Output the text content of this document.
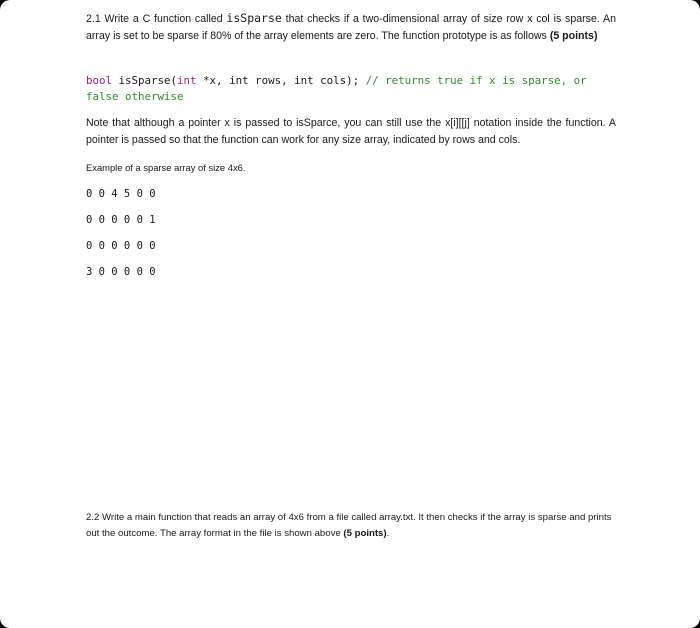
2.1 Write a C function called isSparse that checks if a two-dimensional array of size row x col is sparse. An array is set to be sparse if 80% of the array elements are zero. The function prototype is as follows (5 points)
bool isSparse(int *x, int rows, int cols); // returns true if x is sparse, or false otherwise
Note that although a pointer x is passed to isSparce, you can still use the x[i][[j] notation inside the function. A pointer is passed so that the function can work for any size array, indicated by rows and cols.
Example of a sparse array of size 4x6.
0 0 4 5 0 0
0 0 0 0 0 1
0 0 0 0 0 0
3 0 0 0 0 0
2.2 Write a main function that reads an array of 4x6 from a file called array.txt. It then checks if the array is sparse and prints out the outcome. The array format in the file is shown above (5 points).
